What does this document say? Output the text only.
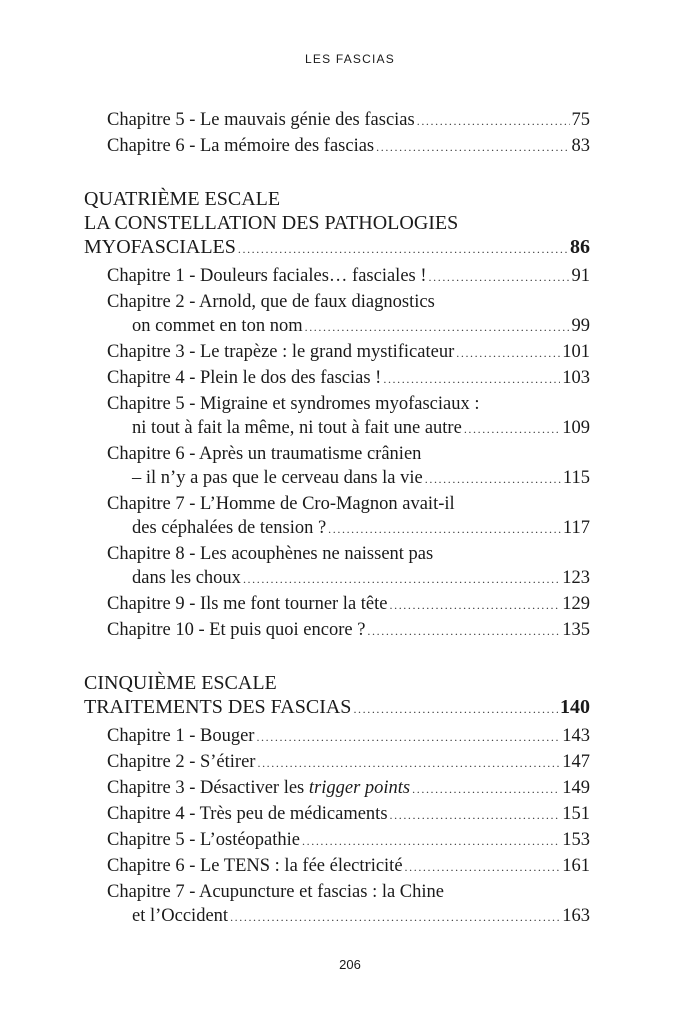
LES FASCIAS
Chapitre 5 - Le mauvais génie des fascias .....	75
Chapitre 6 - La mémoire des fascias .....	83
QUATRIÈME ESCALE
LA CONSTELLATION DES PATHOLOGIES
MYOFASCIALES .....	86
Chapitre 1 - Douleurs faciales… fasciales ! .....	91
Chapitre 2 - Arnold, que de faux diagnostics
on commet en ton nom .....	99
Chapitre 3 - Le trapèze : le grand mystificateur .....	101
Chapitre 4 - Plein le dos des fascias ! .....	103
Chapitre 5 - Migraine et syndromes myofasciaux :
ni tout à fait la même, ni tout à fait une autre .....	109
Chapitre 6 - Après un traumatisme crânien
– il n’y a pas que le cerveau dans la vie .....	115
Chapitre 7 - L’Homme de Cro-Magnon avait-il
des céphalées de tension ? .....	117
Chapitre 8 - Les acouphènes ne naissent pas
dans les choux .....	123
Chapitre 9 - Ils me font tourner la tête .....	129
Chapitre 10 - Et puis quoi encore ? .....	135
CINQUIÈME ESCALE
TRAITEMENTS DES FASCIAS .....	140
Chapitre 1 - Bouger .....	143
Chapitre 2 - S’étirer .....	147
Chapitre 3 - Désactiver les trigger points .....	149
Chapitre 4 - Très peu de médicaments .....	151
Chapitre 5 - L’ostéopathie .....	153
Chapitre 6 - Le TENS : la fée électricité .....	161
Chapitre 7 - Acupuncture et fascias : la Chine
et l’Occident .....	163
206
